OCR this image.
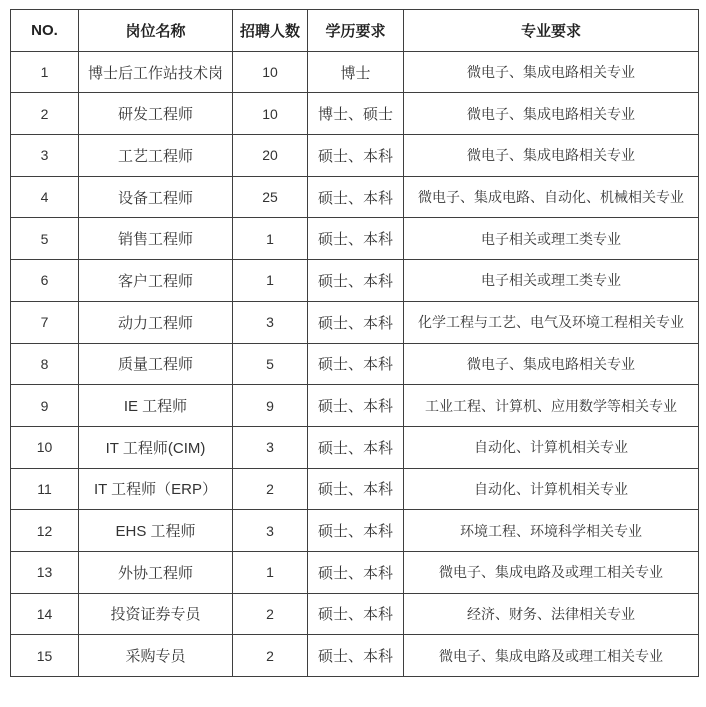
NO.	岗位名称	招聘人数	学历要求	专业要求
1	博士后工作站技术岗	10	博士	微电子、集成电路相关专业
2	研发工程师	10	博士、硕士	微电子、集成电路相关专业
3	工艺工程师	20	硕士、本科	微电子、集成电路相关专业
4	设备工程师	25	硕士、本科	微电子、集成电路、自动化、机械相关专业
5	销售工程师	1	硕士、本科	电子相关或理工类专业
6	客户工程师	1	硕士、本科	电子相关或理工类专业
7	动力工程师	3	硕士、本科	化学工程与工艺、电气及环境工程相关专业
8	质量工程师	5	硕士、本科	微电子、集成电路相关专业
9	IE 工程师	9	硕士、本科	工业工程、计算机、应用数学等相关专业
10	IT 工程师(CIM)	3	硕士、本科	自动化、计算机相关专业
11	IT 工程师（ERP）	2	硕士、本科	自动化、计算机相关专业
12	EHS 工程师	3	硕士、本科	环境工程、环境科学相关专业
13	外协工程师	1	硕士、本科	微电子、集成电路及或理工相关专业
14	投资证券专员	2	硕士、本科	经济、财务、法律相关专业
15	采购专员	2	硕士、本科	微电子、集成电路及或理工相关专业
